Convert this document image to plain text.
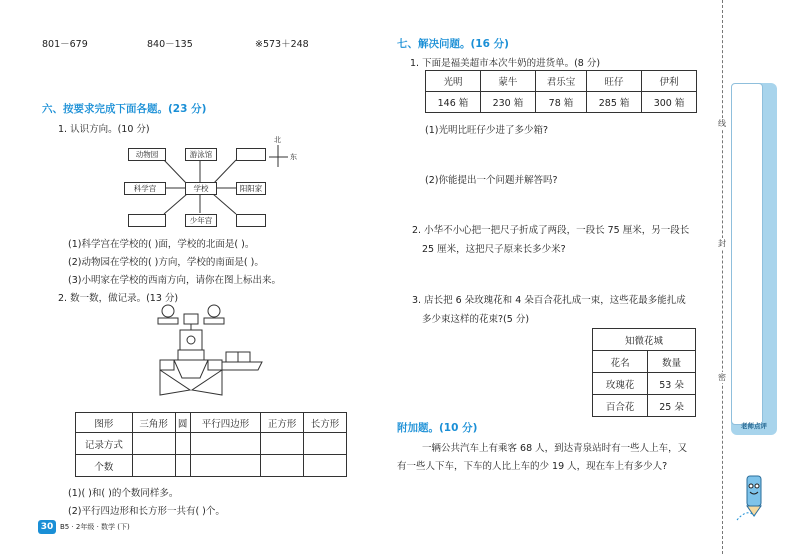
801－679	840－135	※573＋248
六、按要求完成下面各题。(23 分)
1. 认识方向。(10 分)
北
东
动物园	游泳馆
科学宫	学校	阳阳家
少年宫
(1)科学宫在学校的( )面，学校的北面是( )。
(2)动物园在学校的( )方向，学校的南面是( )。
(3)小明家在学校的西南方向，请你在图上标出来。
2. 数一数，做记录。(13 分)
图形	三角形	圆	平行四边形	正方形	长方形
记录方式					
个数					
(1)( )和( )的个数同样多。
(2)平行四边形和长方形一共有( )个。
30 B5 · 2年级 · 数学 (下)
七、解决问题。(16 分)
1. 下面是福美超市本次牛奶的进货单。(8 分)
光明	蒙牛	君乐宝	旺仔	伊利
146 箱	230 箱	78 箱	285 箱	300 箱
(1)光明比旺仔少进了多少箱?
(2)你能提出一个问题并解答吗?
2. 小华不小心把一把尺子折成了两段，一段长 75 厘米，另一段长
25 厘米，这把尺子原来长多少米?
3. 店长把 6 朵玫瑰花和 4 朵百合花扎成一束，这些花最多能扎成
多少束这样的花束?(5 分)
知微花城	
花名	数量
玫瑰花	53 朵
百合花	25 朵
附加题。(10 分)
一辆公共汽车上有乘客 68 人，到达青泉站时有一些人上车，又
有一些人下车，下车的人比上车的少 19 人，现在车上有多少人?
线
封
密
老师点评
